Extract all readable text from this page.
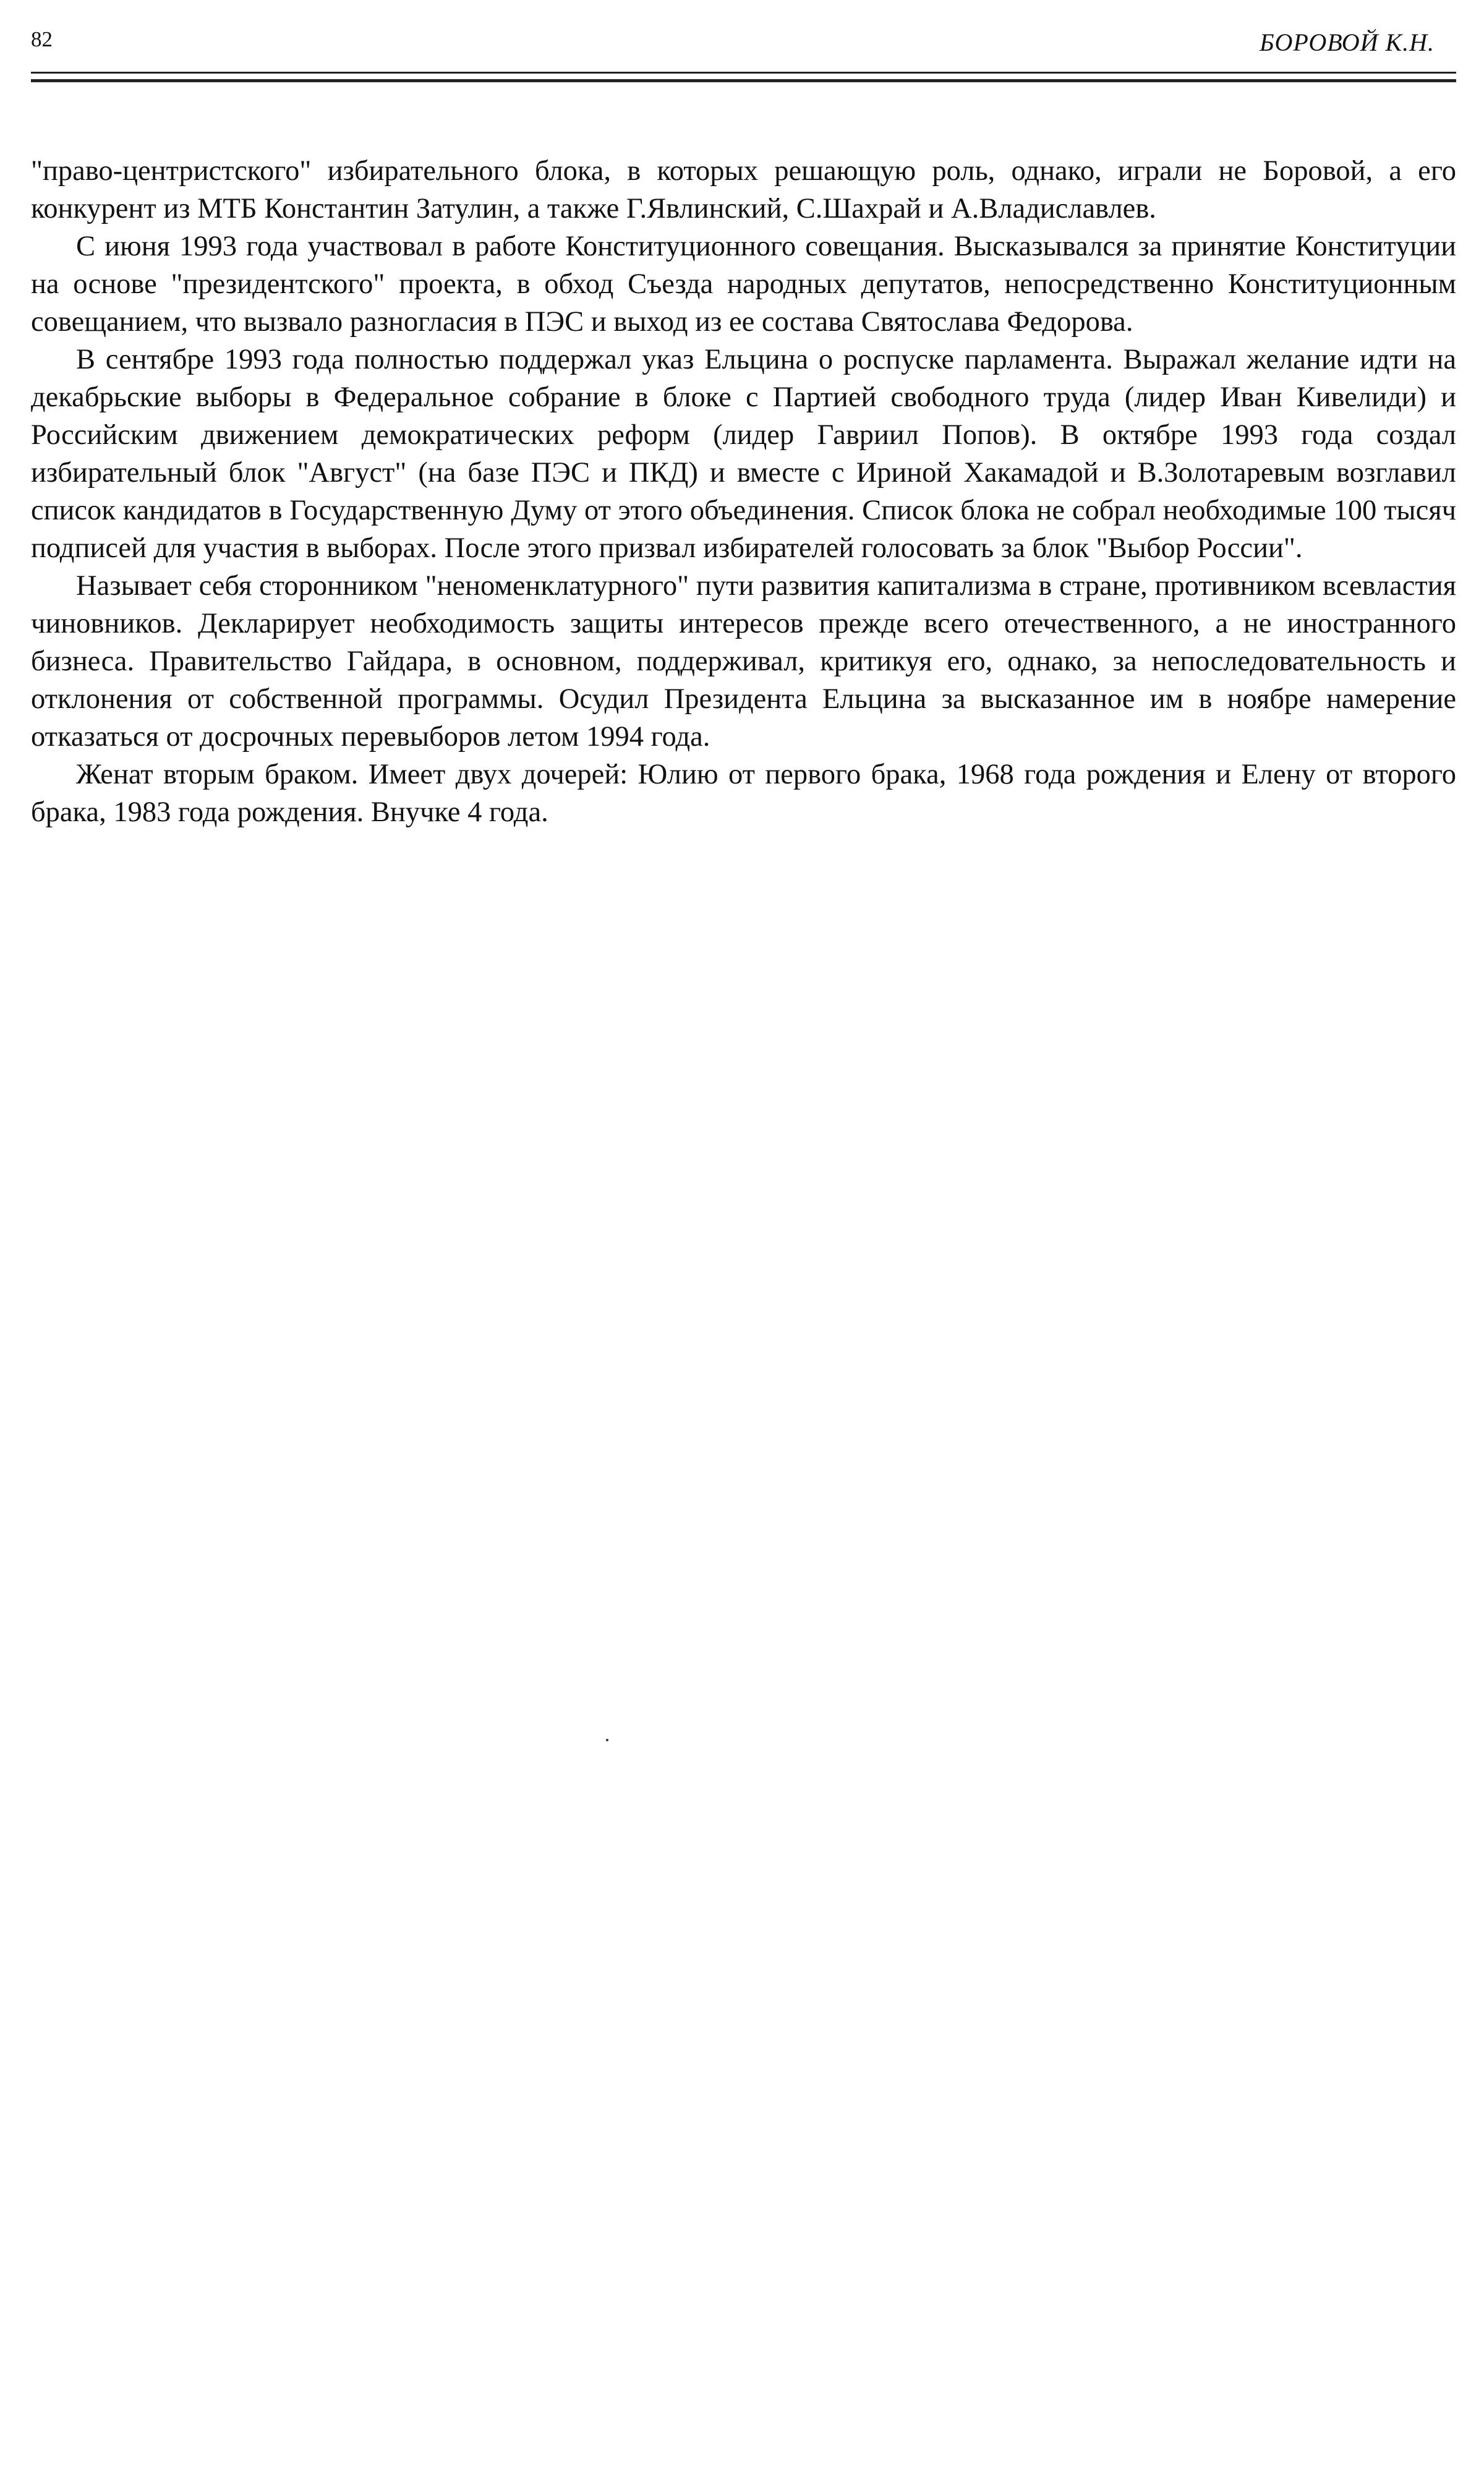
82	БОРОВОЙ К.Н.

"право-центристского" избирательного блока, в которых решающую роль, однако, играли не Боровой, а его конкурент из МТБ Константин Затулин, а также Г.Явлинский, С.Шахрай и А.Владиславлев.

С июня 1993 года участвовал в работе Конституционного совещания. Высказывался за принятие Конституции на основе "президентского" проекта, в обход Съезда народных депутатов, непосредственно Конституционным совещанием, что вызвало разногласия в ПЭС и выход из ее состава Святослава Федорова.

В сентябре 1993 года полностью поддержал указ Ельцина о роспуске парламента. Выражал желание идти на декабрьские выборы в Федеральное собрание в блоке с Партией свободного труда (лидер Иван Кивелиди) и Российским движением демократических реформ (лидер Гавриил Попов). В октябре 1993 года создал избирательный блок "Август" (на базе ПЭС и ПКД) и вместе с Ириной Хакамадой и В.Золотаревым возглавил список кандидатов в Государственную Думу от этого объединения. Список блока не собрал необходимые 100 тысяч подписей для участия в выборах. После этого призвал избирателей голосовать за блок "Выбор России".

Называет себя сторонником "неноменклатурного" пути развития капитализма в стране, противником всевластия чиновников. Декларирует необходимость защиты интересов прежде всего отечественного, а не иностранного бизнеса. Правительство Гайдара, в основном, поддерживал, критикуя его, однако, за непоследовательность и отклонения от собственной программы. Осудил Президента Ельцина за высказанное им в ноябре намерение отказаться от досрочных перевыборов летом 1994 года.

Женат вторым браком. Имеет двух дочерей: Юлию от первого брака, 1968 года рождения и Елену от второго брака, 1983 года рождения. Внучке 4 года.
